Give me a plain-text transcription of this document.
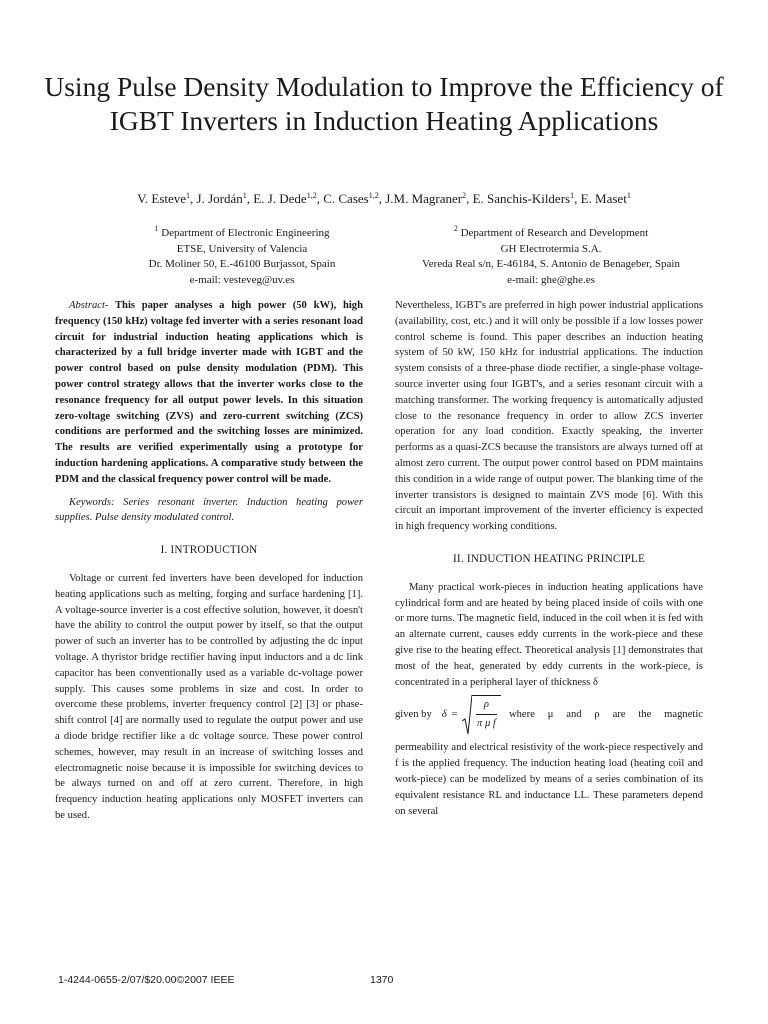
Using Pulse Density Modulation to Improve the Efficiency of IGBT Inverters in Induction Heating Applications
V. Esteve$^1$, J. Jordán$^1$, E. J. Dede$^{1,2}$, C. Cases$^{1,2}$, J.M. Magraner$^2$, E. Sanchis-Kilders$^1$, E. Maset$^1$
$^1$ Department of Electronic Engineering
ETSE, University of Valencia
Dr. Moliner 50, E.-46100 Burjassot, Spain
e-mail: vesteveg@uv.es
$^2$ Department of Research and Development
GH Electrotermia S.A.
Vereda Real s/n, E-46184, S. Antonio de Benageber, Spain
e-mail: ghe@ghe.es

Abstract- This paper analyses a high power (50 kW), high frequency (150 kHz) voltage fed inverter with a series resonant load circuit for industrial induction heating applications which is characterized by a full bridge inverter made with IGBT and the power control based on pulse density modulation (PDM). This power control strategy allows that the inverter works close to the resonance frequency for all output power levels. In this situation zero-voltage switching (ZVS) and zero-current switching (ZCS) conditions are performed and the switching losses are minimized. The results are verified experimentally using a prototype for induction hardening applications. A comparative study between the PDM and the classical frequency power control will be made.

Keywords: Series resonant inverter. Induction heating power supplies. Pulse density modulated control.

I. INTRODUCTION

Voltage or current fed inverters have been developed for induction heating applications such as melting, forging and surface hardening [1]. A voltage-source inverter is a cost effective solution, however, it doesn't have the ability to control the output power by itself, so that the output power of such an inverter has to be controlled by adjusting the dc input voltage. A thyristor bridge rectifier having input inductors and a dc link capacitor has been conventionally used as a variable dc-voltage power supply. This causes some problems in size and cost. In order to overcome these problems, inverter frequency control [2] [3] or phase-shift control [4] are normally used to regulate the output power and use a diode bridge rectifier like a dc voltage source. These power control schemes, however, may result in an increase of switching losses and electromagnetic noise because it is impossible for switching devices to be always turned on and off at zero current. Therefore, in high frequency induction heating applications only MOSFET inverters can be used.

Nevertheless, IGBT's are preferred in high power industrial applications (availability, cost, etc.) and it will only be possible if a low losses power control scheme is found. This paper describes an induction heating system of 50 kW, 150 kHz for industrial applications. The induction system consists of a three-phase diode rectifier, a single-phase voltage-source inverter using four IGBT's, and a series resonant circuit with a matching transformer. The working frequency is automatically adjusted close to the resonance frequency in order to allow ZCS inverter operation for any load condition. Exactly speaking, the inverter performs as a quasi-ZCS because the transistors are always turned off at almost zero current. The output power control based on PDM maintains this condition in a wide range of output power. The blanking time of the inverter transistors is designed to maintain ZVS mode [6]. With this circuit an important improvement of the inverter efficiency is expected in high frequency working conditions.

II. INDUCTION HEATING PRINCIPLE

Many practical work-pieces in induction heating applications have cylindrical form and are heated by being placed inside of coils with one or more turns. The magnetic field, induced in the coil when it is fed with an alternate current, causes eddy currents in the work-piece and these give rise to the heating effect. Theoretical analysis [1] demonstrates that most of the heat, generated by eddy currents in the work-piece, is concentrated in a peripheral layer of thickness δ

given by $\delta = \frac{\rho}{\text{π μ f}}$ where μ and ρ are the magnetic

permeability and electrical resistivity of the work-piece respectively and f is the applied frequency. The induction heating load (heating coil and work-piece) can be modelized by means of a series combination of its equivalent resistance RL and inductance LL. These parameters depend on several

1-4244-0655-2/07/$20.00©2007 IEEE	1370
